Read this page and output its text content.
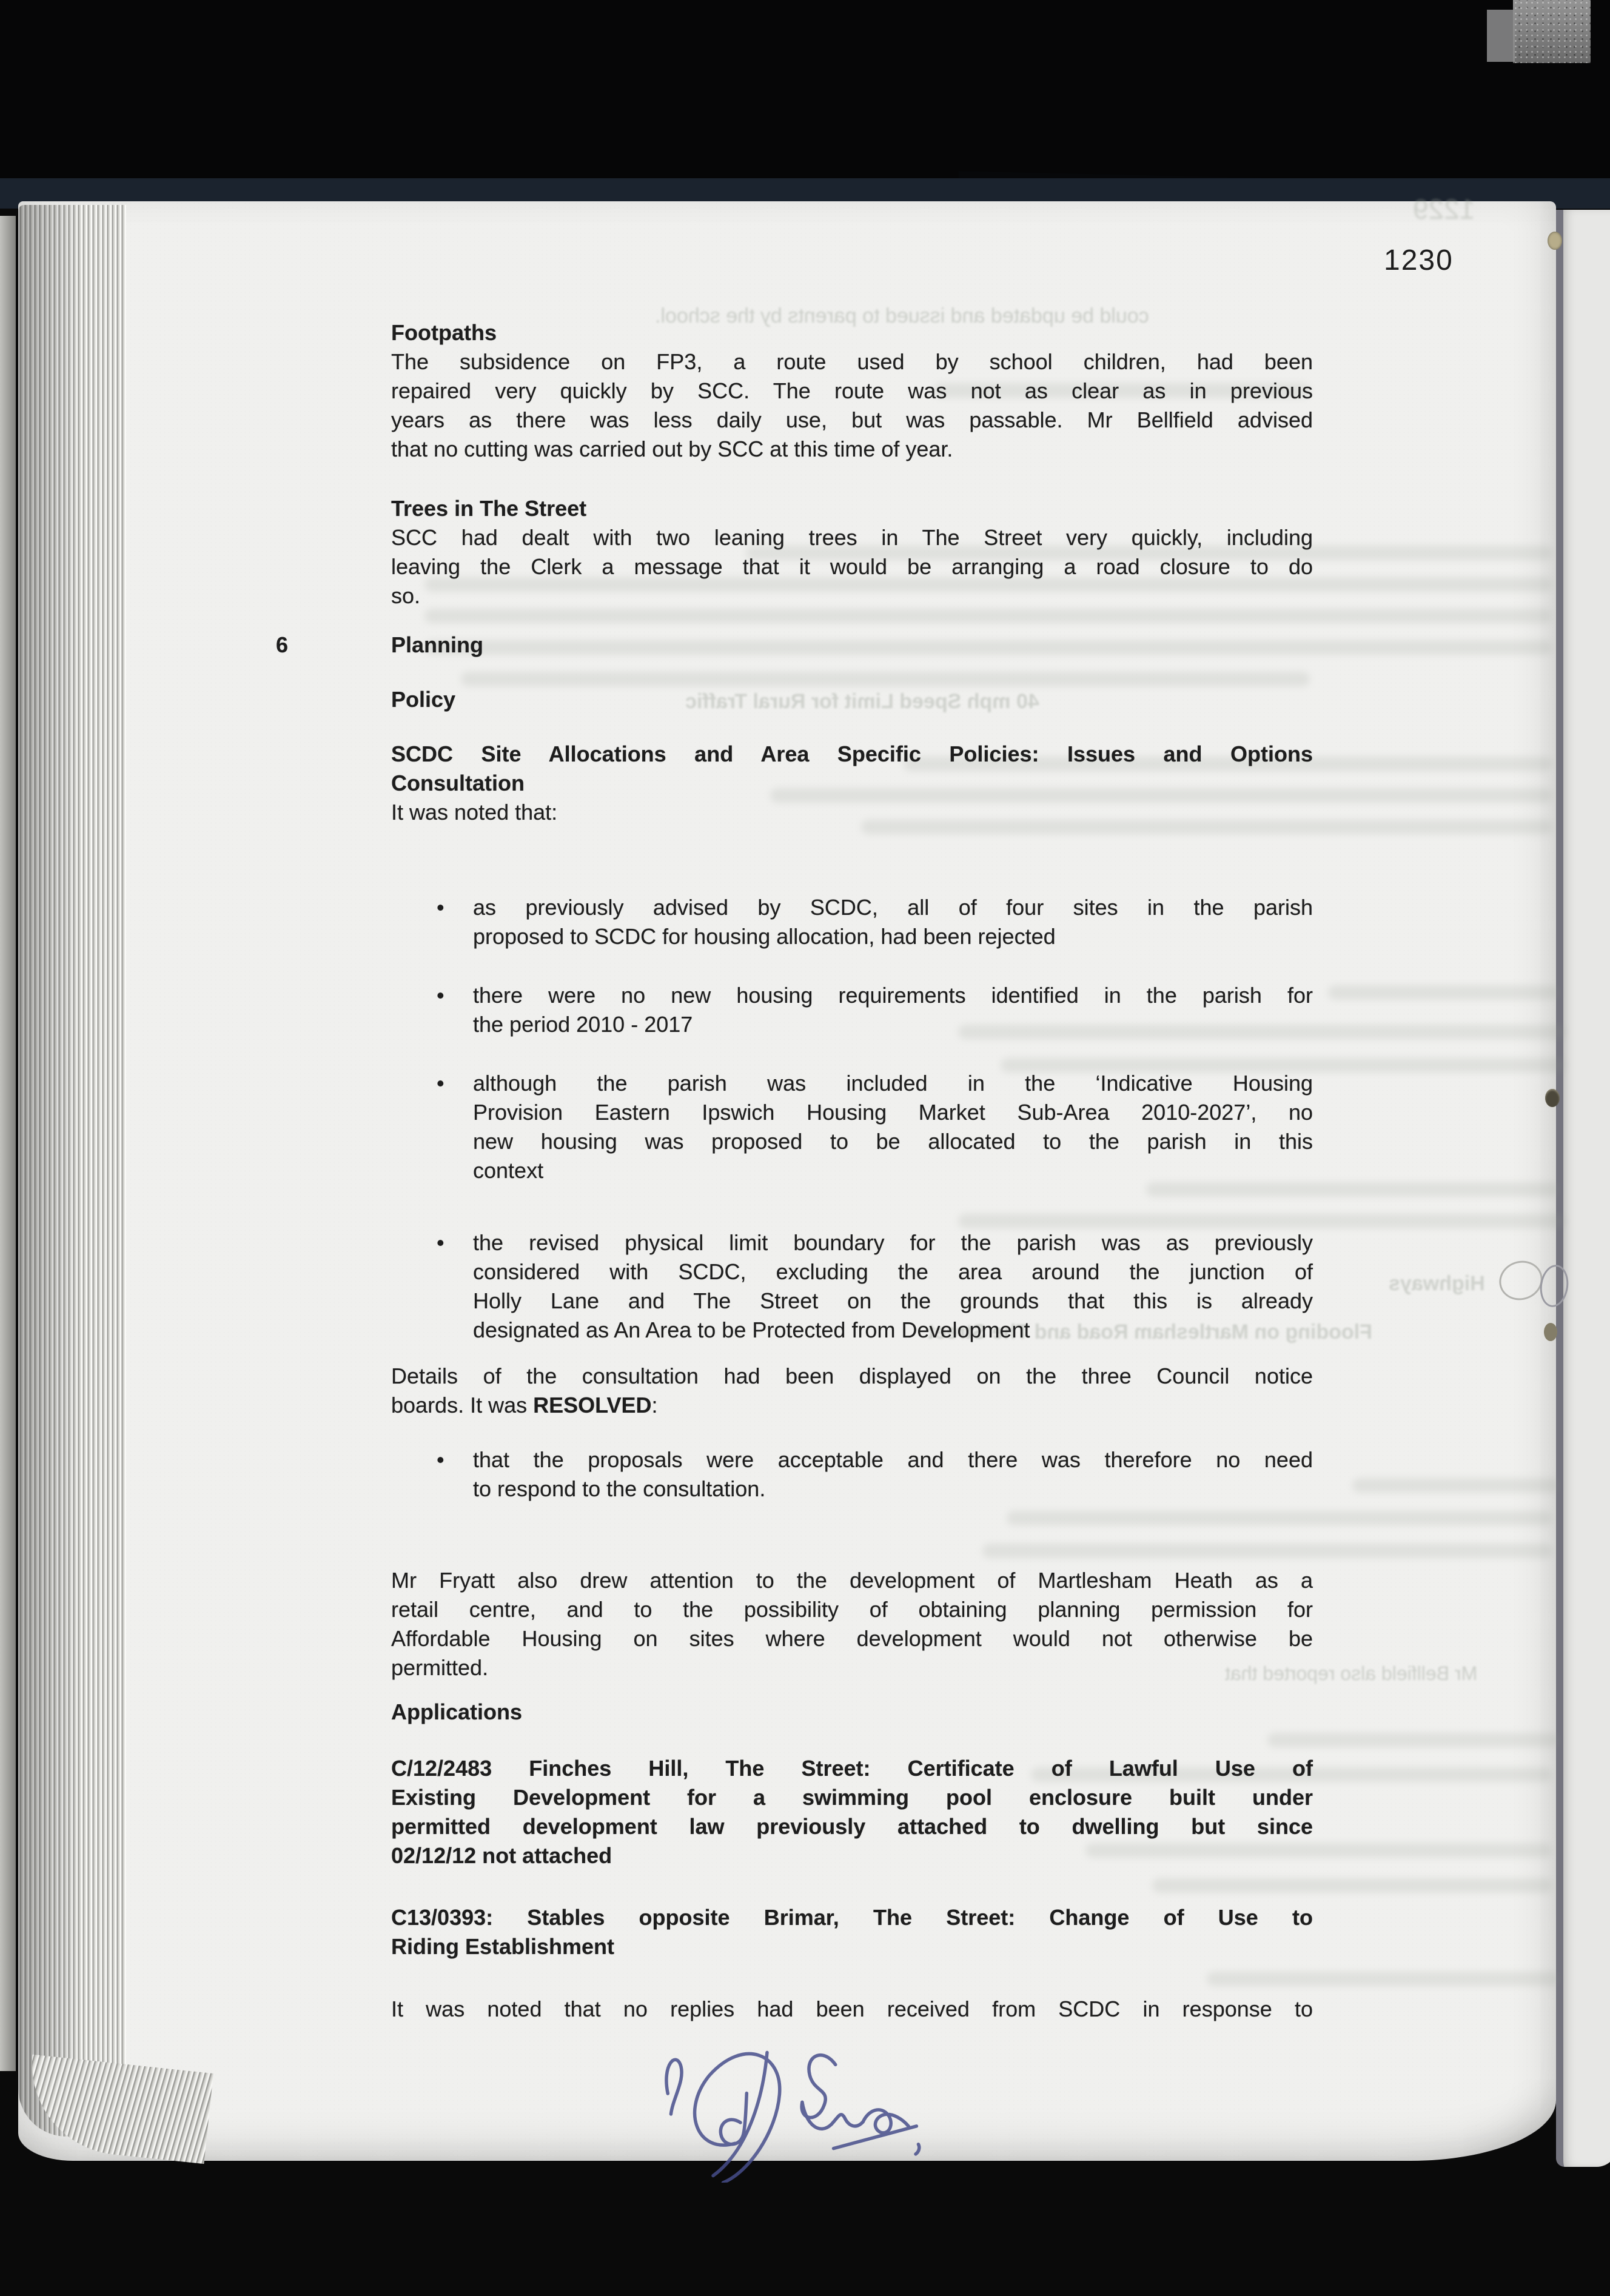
1229
could be updated and issued to parents by the school.
40 mph Speed Limit for Rural Traffic
Highways
Flooding on Martlesham Road and The Street
Mr Bellfield also reported that
1230
Footpaths
The subsidence on FP3, a route used by school children, had been
repaired very quickly by SCC. The route was not as clear as in previous
years as there was less daily use, but was passable. Mr Bellfield advised
that no cutting was carried out by SCC at this time of year.
Trees in The Street
SCC had dealt with two leaning trees in The Street very quickly, including
leaving the Clerk a message that it would be arranging a road closure to do
so.
6	Planning
Policy
SCDC Site Allocations and Area Specific Policies: Issues and Options
Consultation
It was noted that:
•	as previously advised by SCDC, all of four sites in the parish
proposed to SCDC for housing allocation, had been rejected
•	there were no new housing requirements identified in the parish for
the period 2010 - 2017
•	although the parish was included in the ‘Indicative Housing
Provision Eastern Ipswich Housing Market Sub-Area 2010-2027’, no
new housing was proposed to be allocated to the parish in this
context
•	the revised physical limit boundary for the parish was as previously
considered with SCDC, excluding the area around the junction of
Holly Lane and The Street on the grounds that this is already
designated as An Area to be Protected from Development
Details of the consultation had been displayed on the three Council notice
boards. It was RESOLVED:
•	that the proposals were acceptable and there was therefore no need
to respond to the consultation.
Mr Fryatt also drew attention to the development of Martlesham Heath as a
retail centre, and to the possibility of obtaining planning permission for
Affordable Housing on sites where development would not otherwise be
permitted.
Applications
C/12/2483 Finches Hill, The Street: Certificate of Lawful Use of
Existing Development for a swimming pool enclosure built under
permitted development law previously attached to dwelling but since
02/12/12 not attached
C13/0393: Stables opposite Brimar, The Street: Change of Use to
Riding Establishment
It was noted that no replies had been received from SCDC in response to
